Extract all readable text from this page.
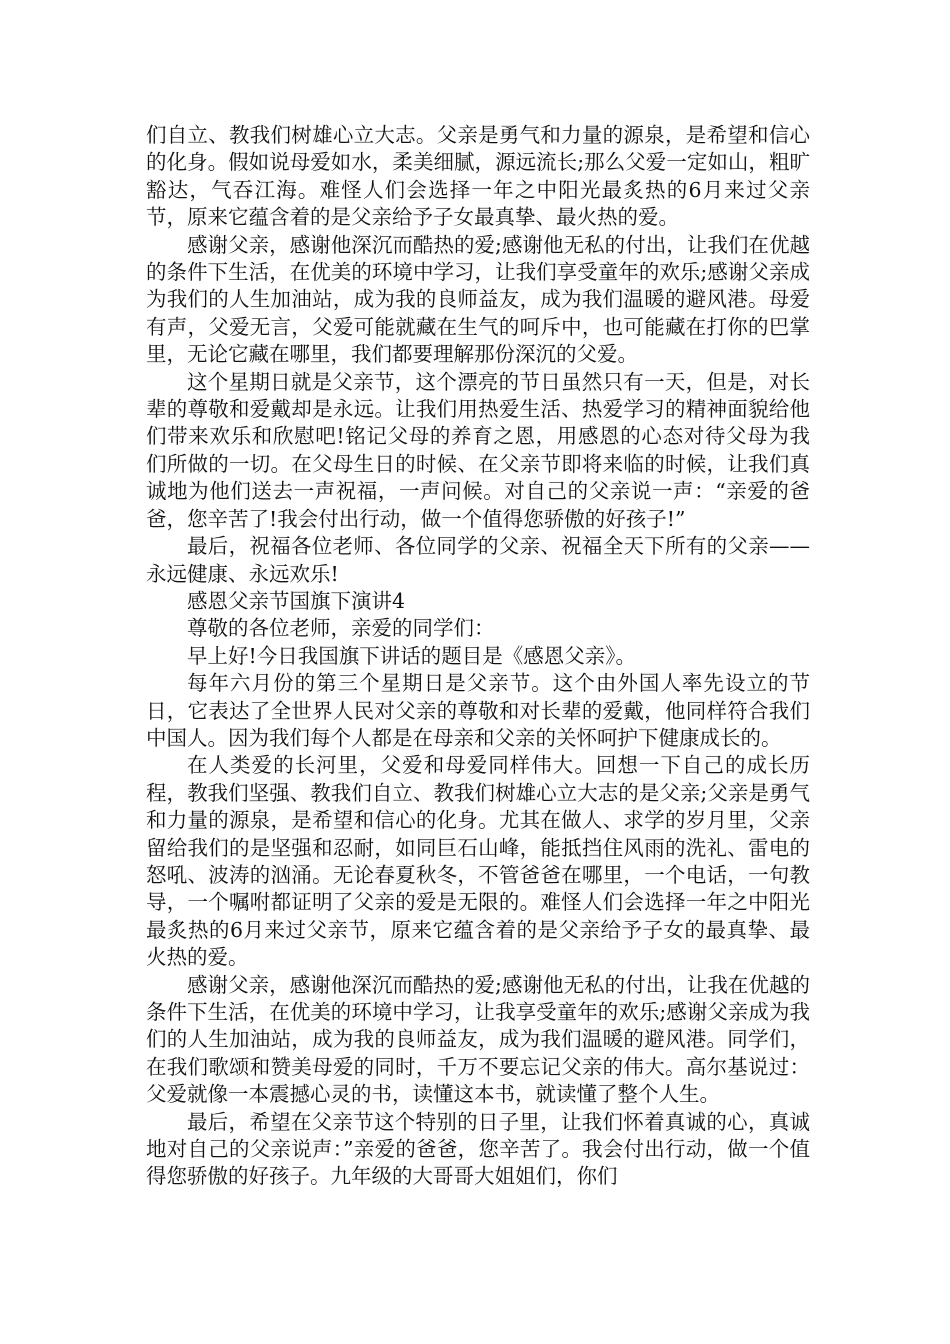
们自立、教我们树雄心立大志。父亲是勇气和力量的源泉，是希望和信心的化身。假如说母爱如水，柔美细腻，源远流长;那么父爱一定如山，粗旷豁达，气吞江海。难怪人们会选择一年之中阳光最炙热的6月来过父亲节，原来它蕴含着的是父亲给予子女最真挚、最火热的爱。

感谢父亲，感谢他深沉而酷热的爱;感谢他无私的付出，让我们在优越的条件下生活，在优美的环境中学习，让我们享受童年的欢乐;感谢父亲成为我们的人生加油站，成为我的良师益友，成为我们温暖的避风港。母爱有声，父爱无言，父爱可能就藏在生气的呵斥中，也可能藏在打你的巴掌里，无论它藏在哪里，我们都要理解那份深沉的父爱。

这个星期日就是父亲节，这个漂亮的节日虽然只有一天，但是，对长辈的尊敬和爱戴却是永远。让我们用热爱生活、热爱学习的精神面貌给他们带来欢乐和欣慰吧!铭记父母的养育之恩，用感恩的心态对待父母为我们所做的一切。在父母生日的时候、在父亲节即将来临的时候，让我们真诚地为他们送去一声祝福，一声问候。对自己的父亲说一声：“亲爱的爸爸，您辛苦了!我会付出行动，做一个值得您骄傲的好孩子!”

最后，祝福各位老师、各位同学的父亲、祝福全天下所有的父亲——永远健康、永远欢乐!

感恩父亲节国旗下演讲4

尊敬的各位老师，亲爱的同学们：

早上好!今日我国旗下讲话的题目是《感恩父亲》。

每年六月份的第三个星期日是父亲节。这个由外国人率先设立的节日，它表达了全世界人民对父亲的尊敬和对长辈的爱戴，他同样符合我们中国人。因为我们每个人都是在母亲和父亲的关怀呵护下健康成长的。

在人类爱的长河里，父爱和母爱同样伟大。回想一下自己的成长历程，教我们坚强、教我们自立、教我们树雄心立大志的是父亲;父亲是勇气和力量的源泉，是希望和信心的化身。尤其在做人、求学的岁月里，父亲留给我们的是坚强和忍耐，如同巨石山峰，能抵挡住风雨的洗礼、雷电的怒吼、波涛的汹涌。无论春夏秋冬，不管爸爸在哪里，一个电话，一句教导，一个嘱咐都证明了父亲的爱是无限的。难怪人们会选择一年之中阳光最炙热的6月来过父亲节，原来它蕴含着的是父亲给予子女的最真挚、最火热的爱。

感谢父亲，感谢他深沉而酷热的爱;感谢他无私的付出，让我在优越的条件下生活，在优美的环境中学习，让我享受童年的欢乐;感谢父亲成为我们的人生加油站，成为我的良师益友，成为我们温暖的避风港。同学们，在我们歌颂和赞美母爱的同时，千万不要忘记父亲的伟大。高尔基说过：父爱就像一本震撼心灵的书，读懂这本书，就读懂了整个人生。

最后，希望在父亲节这个特别的日子里，让我们怀着真诚的心，真诚地对自己的父亲说声：”亲爱的爸爸，您辛苦了。我会付出行动，做一个值得您骄傲的好孩子。九年级的大哥哥大姐姐们，你们
